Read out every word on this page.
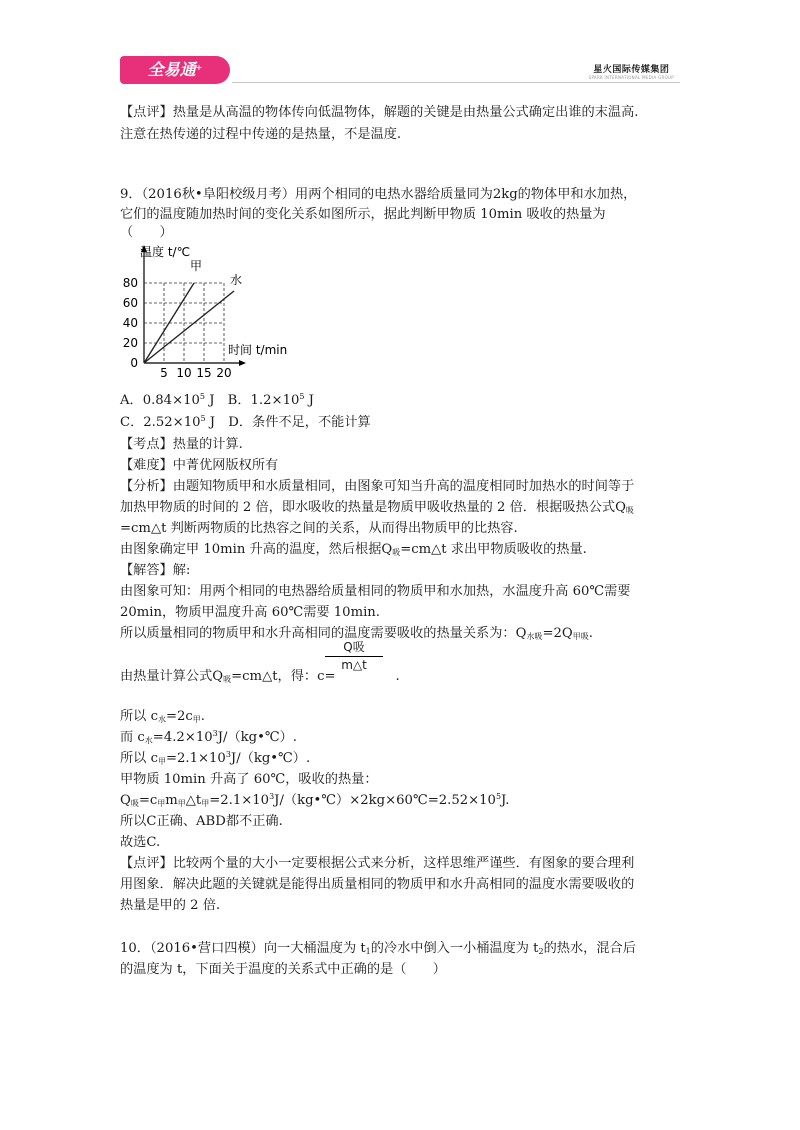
全易通+	星火国际传媒集团
SPARK INTERNATIONAL MEDIA GROUP
【点评】热量是从高温的物体传向低温物体，解题的关键是由热量公式确定出谁的末温高.
注意在热传递的过程中传递的是热量，不是温度.
9．（2016秋•阜阳校级月考）用两个相同的电热水器给质量同为2kg的物体甲和水加热，
它们的温度随加热时间的变化关系如图所示，据此判断甲物质 10min 吸收的热量为
（　　）
温度 t/℃
甲
水
时间 t/min
0
20
40
60
80
5 10 15 20
A．$0.84\times 10^5$ J　B．$1.2\times 10^5$ J
C．$2.52\times 10^5$ J　D．条件不足，不能计算
【考点】热量的计算.
【难度】中菁优网版权所有
【分析】由题知物质甲和水质量相同，由图象可知当升高的温度相同时加热水的时间等于
加热甲物质的时间的 2 倍，即水吸收的热量是物质甲吸收热量的 2 倍．根据吸热公式Q吸
=cm△t 判断两物质的比热容之间的关系，从而得出物质甲的比热容.
由图象确定甲 10min 升高的温度，然后根据Q吸=cm△t 求出甲物质吸收的热量.
【解答】解:
由图象可知：用两个相同的电热器给质量相同的物质甲和水加热，水温度升高 60℃需要
20min，物质甲温度升高 60℃需要 10min.
所以质量相同的物质甲和水升高相同的温度需要吸收的热量关系为：Q水吸=2Q甲吸.
Q吸
m△t
由热量计算公式Q吸=cm△t，得：c=	.
所以 c水=2c甲.
而 c水$=4.2\times 10^3J/(kg•℃)$.
所以 c甲$=2.1\times 10^3J/(kg•℃)$.
甲物质 10min 升高了 60℃，吸收的热量：
Q吸=c甲m甲△t甲$=2.1\times 10^3J/(kg•℃)\times 2kg\times 60℃=2.52\times 10^5J$.
所以C正确、ABD都不正确.
故选C.
【点评】比较两个量的大小一定要根据公式来分析，这样思维严谨些．有图象的要合理利
用图象．解决此题的关键就是能得出质量相同的物质甲和水升高相同的温度水需要吸收的
热量是甲的 2 倍.
10．（2016•营口四模）向一大桶温度为 t1的冷水中倒入一小桶温度为 t2的热水，混合后
的温度为 t，下面关于温度的关系式中正确的是（　　）
